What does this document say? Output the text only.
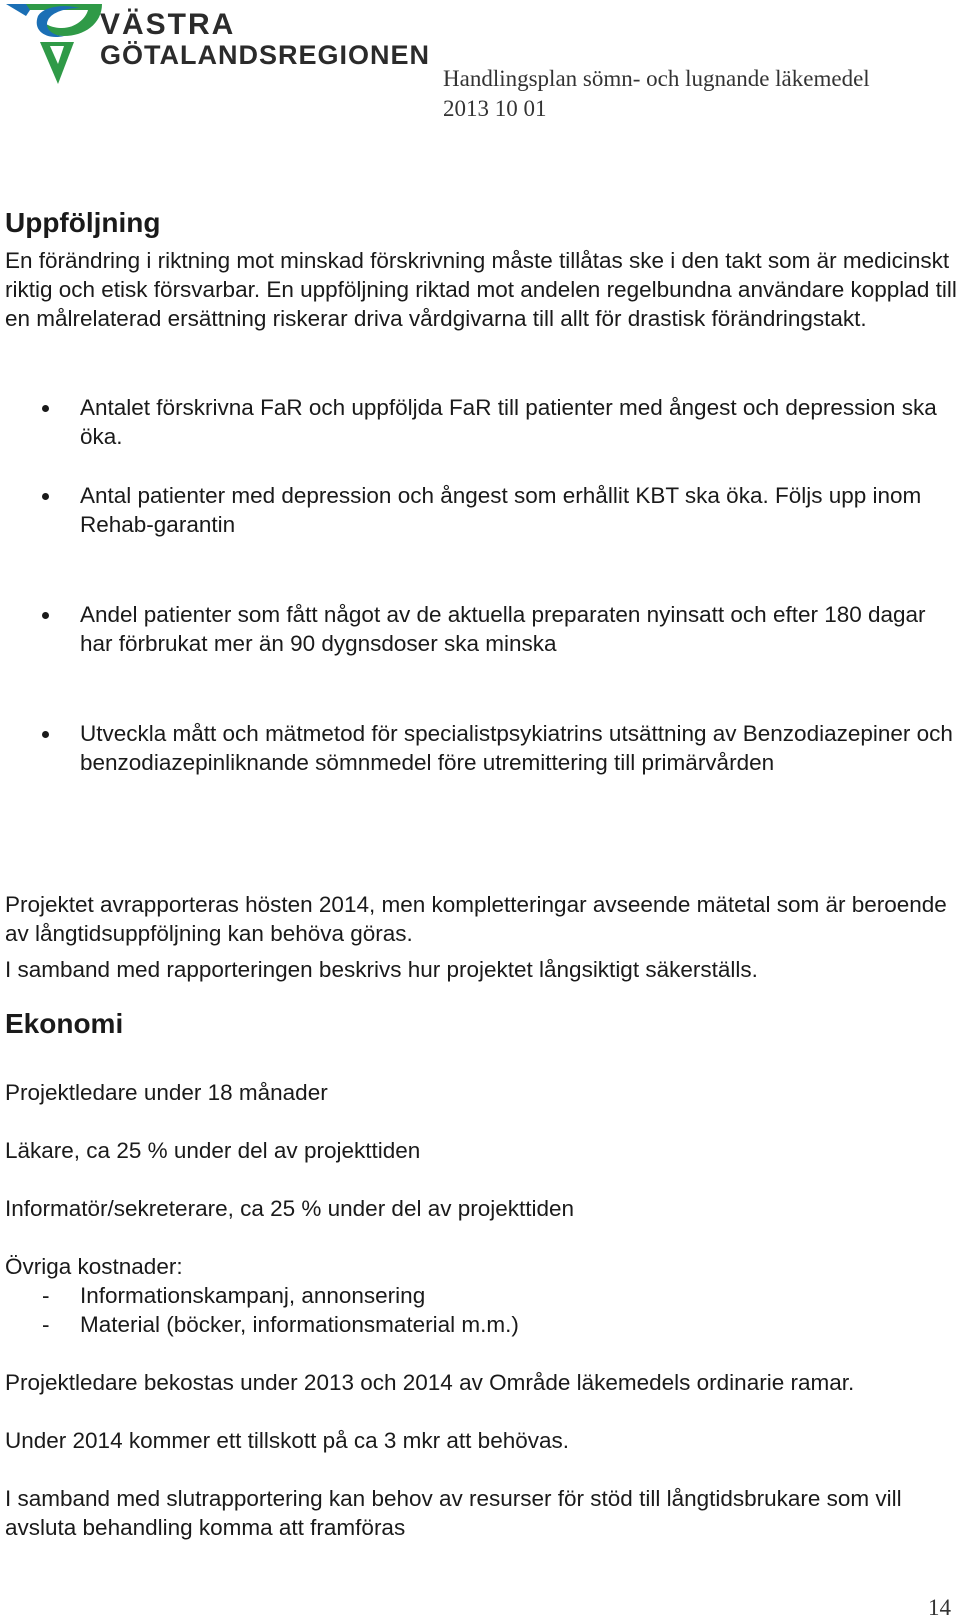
VÄSTRA
GÖTALANDSREGIONEN
Handlingsplan sömn- och lugnande läkemedel
2013 10 01
Uppföljning

En förändring i riktning mot minskad förskrivning måste tillåtas ske i den takt som är medicinskt riktig och etisk försvarbar. En uppföljning riktad mot andelen regelbundna användare kopplad till en målrelaterad ersättning riskerar driva vårdgivarna till allt för drastisk förändringstakt.

Antalet förskrivna FaR och uppföljda FaR till patienter med ångest och depression ska öka.
Antal patienter med depression och ångest som erhållit KBT ska öka. Följs upp inom Rehab-garantin
Andel patienter som fått något av de aktuella preparaten nyinsatt och efter 180 dagar har förbrukat mer än 90 dygnsdoser ska minska
Utveckla mått och mätmetod för specialistpsykiatrins utsättning av Benzodiazepiner och benzodiazepinliknande sömnmedel före utremittering till primärvården

Projektet avrapporteras hösten 2014, men kompletteringar avseende mätetal som är beroende av långtidsuppföljning kan behöva göras.

I samband med rapporteringen beskrivs hur projektet långsiktigt säkerställs.

Ekonomi
Projektledare under 18 månader
Läkare, ca 25 % under del av projekttiden
Informatör/sekreterare, ca 25 % under del av projekttiden
Övriga kostnader:
- Informationskampanj, annonsering
- Material (böcker, informationsmaterial m.m.)
Projektledare bekostas under 2013 och 2014 av Område läkemedels ordinarie ramar.
Under 2014 kommer ett tillskott på ca 3 mkr att behövas.
I samband med slutrapportering kan behov av resurser för stöd till långtidsbrukare som vill avsluta behandling komma att framföras
14
